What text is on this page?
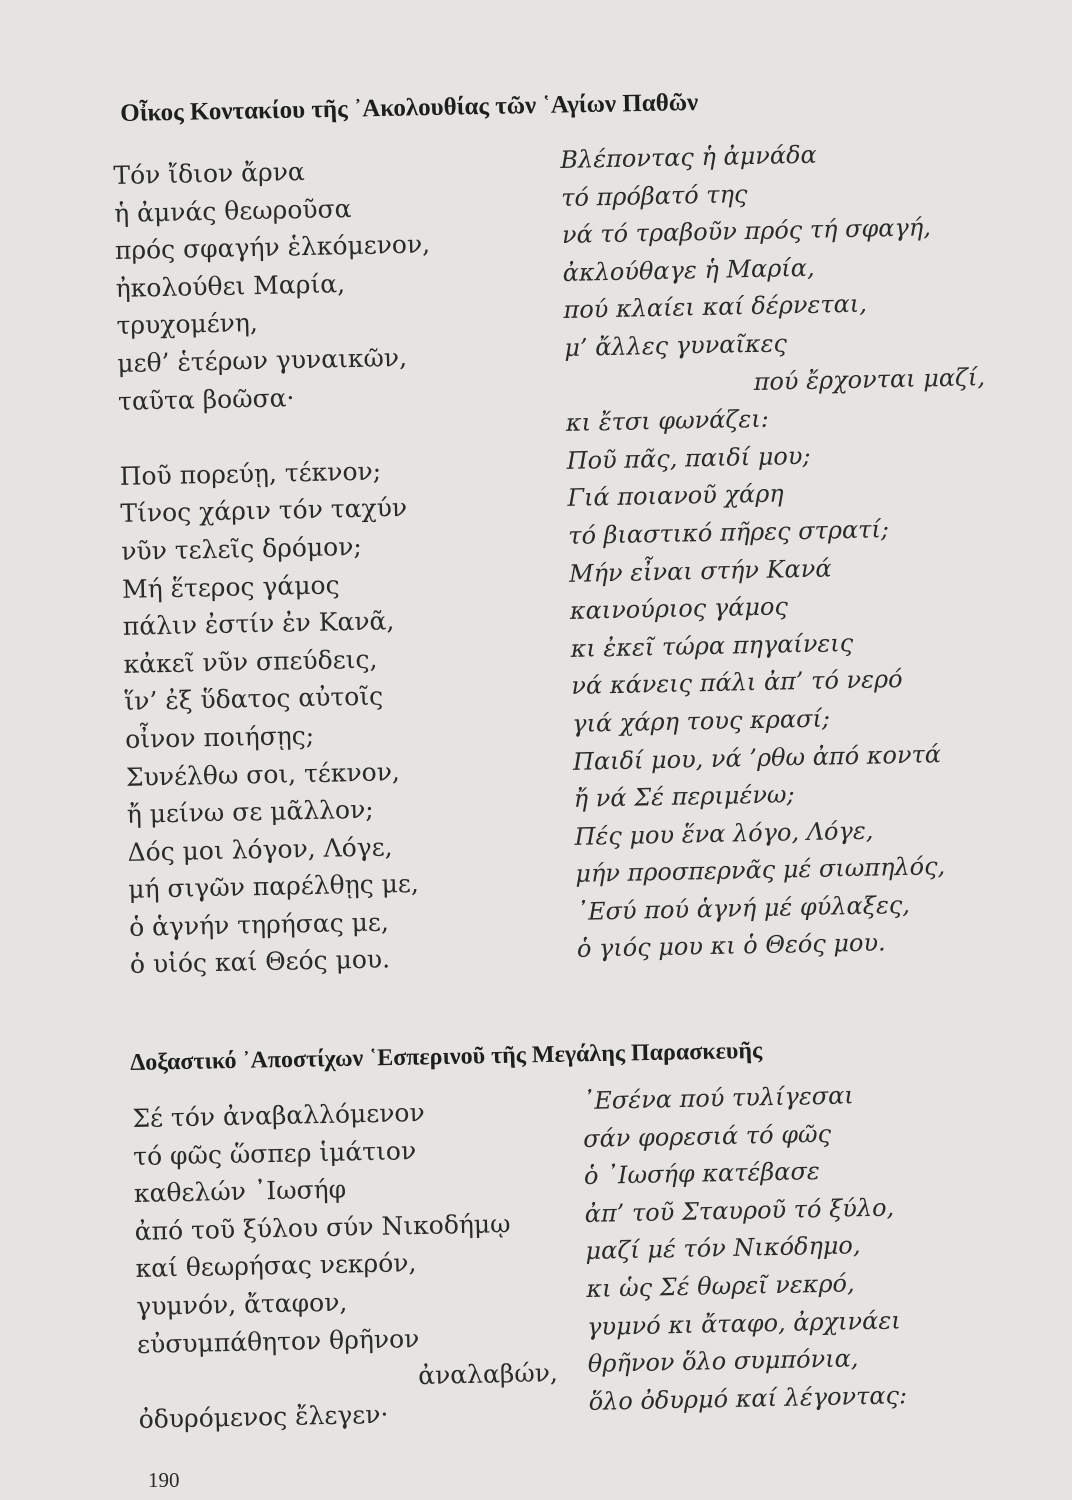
Οἶκος Κοντακίου τῆς ᾿Ακολουθίας τῶν ῾Αγίων Παθῶν
Τόν ἴδιον ἄρνα
ἡ ἀμνάς θεωροῦσα
πρός σφαγήν ἑλκόμενον,
ἠκολούθει Μαρία,
τρυχομένη,
μεθ’ ἑτέρων γυναικῶν,
ταῦτα βοῶσα·
Ποῦ πορεύῃ, τέκνον;
Τίνος χάριν τόν ταχύν
νῦν τελεῖς δρόμον;
Μή ἕτερος γάμος
πάλιν ἐστίν ἐν Κανᾶ,
κἀκεῖ νῦν σπεύδεις,
ἵν’ ἐξ ὕδατος αὐτοῖς
οἶνον ποιήσῃς;
Συνέλθω σοι, τέκνον,
ἤ μείνω σε μᾶλλον;
Δός μοι λόγον, Λόγε,
μή σιγῶν παρέλθῃς με,
ὁ ἁγνήν τηρήσας με,
ὁ υἱός καί Θεός μου.
Βλέποντας ἡ ἀμνάδα
τό πρόβατό της
νά τό τραβοῦν πρός τή σφαγή,
ἀκλούθαγε ἡ Μαρία,
πού κλαίει καί δέρνεται,
μ’ ἄλλες γυναῖκες
πού ἔρχονται μαζί,
κι ἔτσι φωνάζει:
Ποῦ πᾶς, παιδί μου;
Γιά ποιανοῦ χάρη
τό βιαστικό πῆρες στρατί;
Μήν εἶναι στήν Κανά
καινούριος γάμος
κι ἐκεῖ τώρα πηγαίνεις
νά κάνεις πάλι ἀπ’ τό νερό
γιά χάρη τους κρασί;
Παιδί μου, νά ’ρθω ἀπό κοντά
ἤ νά Σέ περιμένω;
Πές μου ἕνα λόγο, Λόγε,
μήν προσπερνᾶς μέ σιωπηλός,
᾿Εσύ πού ἁγνή μέ φύλαξες,
ὁ γιός μου κι ὁ Θεός μου.
Δοξαστικό ᾿Αποστίχων ῾Εσπερινοῦ τῆς Μεγάλης Παρασκευῆς
Σέ τόν ἀναβαλλόμενον
τό φῶς ὥσπερ ἱμάτιον
καθελών ᾿Ιωσήφ
ἀπό τοῦ ξύλου σύν Νικοδήμῳ
καί θεωρήσας νεκρόν,
γυμνόν, ἄταφον,
εὐσυμπάθητον θρῆνον
ἀναλαβών,
ὀδυρόμενος ἔλεγεν·
᾿Εσένα πού τυλίγεσαι
σάν φορεσιά τό φῶς
ὁ ᾿Ιωσήφ κατέβασε
ἀπ’ τοῦ Σταυροῦ τό ξύλο,
μαζί μέ τόν Νικόδημο,
κι ὡς Σέ θωρεῖ νεκρό,
γυμνό κι ἄταφο, ἀρχινάει
θρῆνον ὅλο συμπόνια,
ὅλο ὀδυρμό καί λέγοντας:
190
